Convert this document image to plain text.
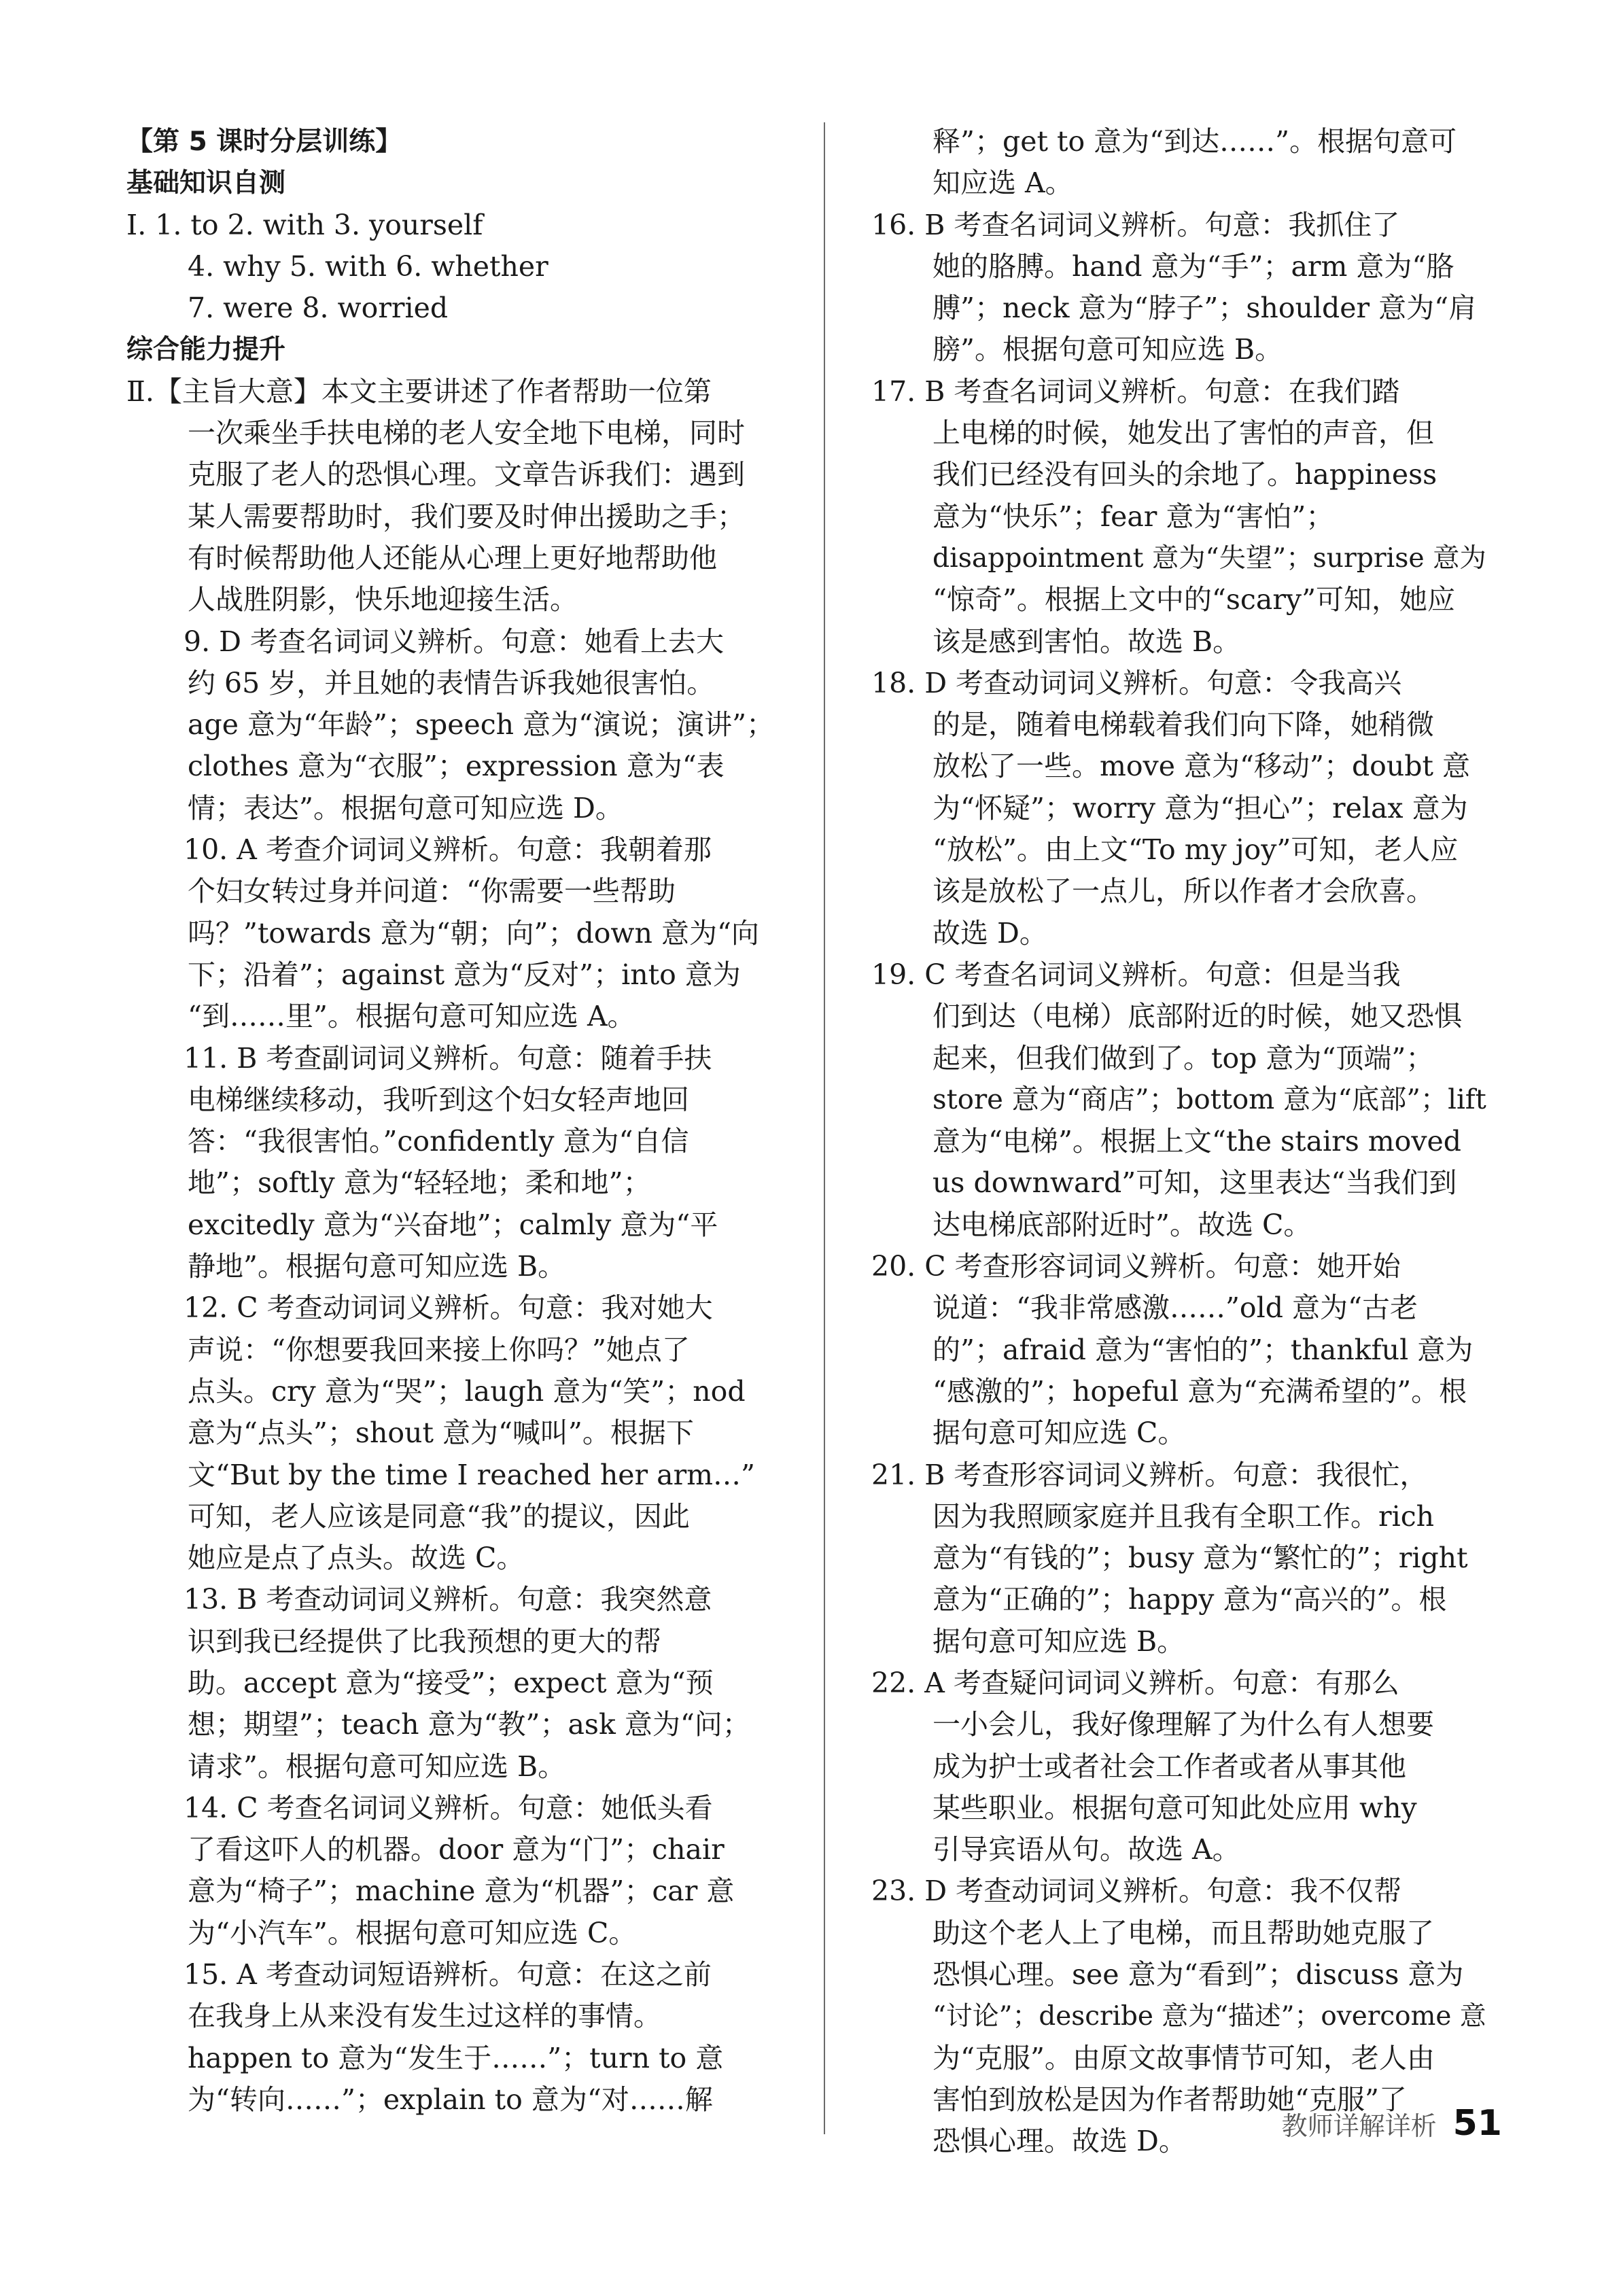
【第 5 课时分层训练】
基础知识自测
Ⅰ. 1. to 2. with 3. yourself
4. why 5. with 6. whether
7. were 8. worried
综合能力提升
Ⅱ.【主旨大意】本文主要讲述了作者帮助一位第
一次乘坐手扶电梯的老人安全地下电梯，同时
克服了老人的恐惧心理。文章告诉我们：遇到
某人需要帮助时，我们要及时伸出援助之手；
有时候帮助他人还能从心理上更好地帮助他
人战胜阴影，快乐地迎接生活。
9. D 考查名词词义辨析。句意：她看上去大
约 65 岁，并且她的表情告诉我她很害怕。
age 意为“年龄”；speech 意为“演说；演讲”；
clothes 意为“衣服”；expression 意为“表
情；表达”。根据句意可知应选 D。
10. A 考查介词词义辨析。句意：我朝着那
个妇女转过身并问道：“你需要一些帮助
吗？”towards 意为“朝；向”；down 意为“向
下；沿着”；against 意为“反对”；into 意为
“到……里”。根据句意可知应选 A。
11. B 考查副词词义辨析。句意：随着手扶
电梯继续移动，我听到这个妇女轻声地回
答：“我很害怕。”confidently 意为“自信
地”；softly 意为“轻轻地；柔和地”；
excitedly 意为“兴奋地”；calmly 意为“平
静地”。根据句意可知应选 B。
12. C 考查动词词义辨析。句意：我对她大
声说：“你想要我回来接上你吗？”她点了
点头。cry 意为“哭”；laugh 意为“笑”；nod
意为“点头”；shout 意为“喊叫”。根据下
文“But by the time I reached her arm…”
可知，老人应该是同意“我”的提议，因此
她应是点了点头。故选 C。
13. B 考查动词词义辨析。句意：我突然意
识到我已经提供了比我预想的更大的帮
助。accept 意为“接受”；expect 意为“预
想；期望”；teach 意为“教”；ask 意为“问；
请求”。根据句意可知应选 B。
14. C 考查名词词义辨析。句意：她低头看
了看这吓人的机器。door 意为“门”；chair
意为“椅子”；machine 意为“机器”；car 意
为“小汽车”。根据句意可知应选 C。
15. A 考查动词短语辨析。句意：在这之前
在我身上从来没有发生过这样的事情。
happen to 意为“发生于……”；turn to 意
为“转向……”；explain to 意为“对……解
释”；get to 意为“到达……”。根据句意可
知应选 A。
16. B 考查名词词义辨析。句意：我抓住了
她的胳膊。hand 意为“手”；arm 意为“胳
膊”；neck 意为“脖子”；shoulder 意为“肩
膀”。根据句意可知应选 B。
17. B 考查名词词义辨析。句意：在我们踏
上电梯的时候，她发出了害怕的声音，但
我们已经没有回头的余地了。happiness
意为“快乐”；fear 意为“害怕”；
disappointment 意为“失望”；surprise 意为
“惊奇”。根据上文中的“scary”可知，她应
该是感到害怕。故选 B。
18. D 考查动词词义辨析。句意：令我高兴
的是，随着电梯载着我们向下降，她稍微
放松了一些。move 意为“移动”；doubt 意
为“怀疑”；worry 意为“担心”；relax 意为
“放松”。由上文“To my joy”可知，老人应
该是放松了一点儿，所以作者才会欣喜。
故选 D。
19. C 考查名词词义辨析。句意：但是当我
们到达（电梯）底部附近的时候，她又恐惧
起来，但我们做到了。top 意为“顶端”；
store 意为“商店”；bottom 意为“底部”；lift
意为“电梯”。根据上文“the stairs moved
us downward”可知，这里表达“当我们到
达电梯底部附近时”。故选 C。
20. C 考查形容词词义辨析。句意：她开始
说道：“我非常感激……”old 意为“古老
的”；afraid 意为“害怕的”；thankful 意为
“感激的”；hopeful 意为“充满希望的”。根
据句意可知应选 C。
21. B 考查形容词词义辨析。句意：我很忙，
因为我照顾家庭并且我有全职工作。rich
意为“有钱的”；busy 意为“繁忙的”；right
意为“正确的”；happy 意为“高兴的”。根
据句意可知应选 B。
22. A 考查疑问词词义辨析。句意：有那么
一小会儿，我好像理解了为什么有人想要
成为护士或者社会工作者或者从事其他
某些职业。根据句意可知此处应用 why
引导宾语从句。故选 A。
23. D 考查动词词义辨析。句意：我不仅帮
助这个老人上了电梯，而且帮助她克服了
恐惧心理。see 意为“看到”；discuss 意为
“讨论”；describe 意为“描述”；overcome 意
为“克服”。由原文故事情节可知，老人由
害怕到放松是因为作者帮助她“克服”了
恐惧心理。故选 D。	教师详解详析 51
